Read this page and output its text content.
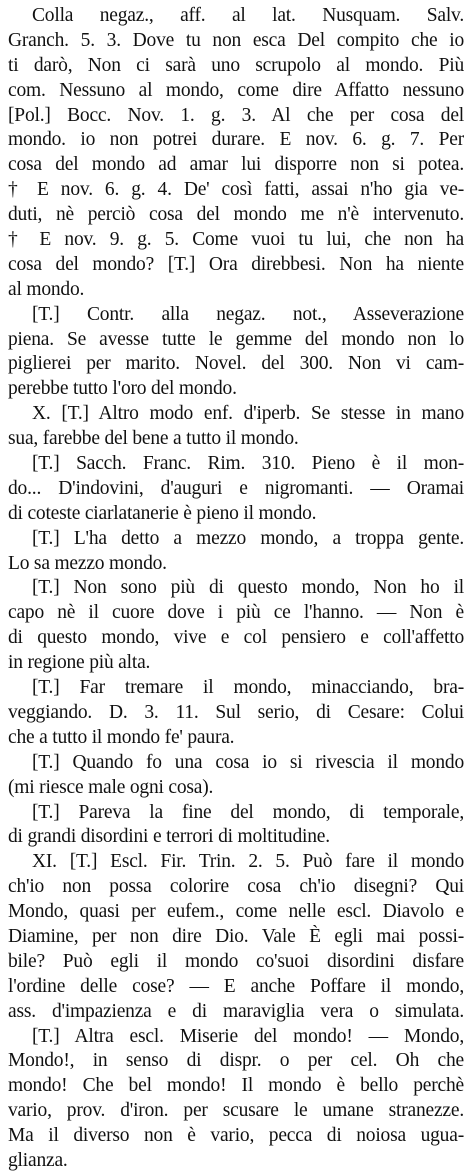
Colla negaz., aff. al lat. Nusquam. Salv.
Granch. 5. 3. Dove tu non esca Del compito che io
ti darò, Non ci sarà uno scrupolo al mondo. Più
com. Nessuno al mondo, come dire Affatto nessuno
[Pol.] Bocc. Nov. 1. g. 3. Al che per cosa del
mondo. io non potrei durare. E nov. 6. g. 7. Per
cosa del mondo ad amar lui disporre non si potea.
† E nov. 6. g. 4. De' così fatti, assai n'ho gia ve-
duti, nè perciò cosa del mondo me n'è intervenuto.
† E nov. 9. g. 5. Come vuoi tu lui, che non ha
cosa del mondo? [T.] Ora direbbesi. Non ha niente
al mondo.
[T.] Contr. alla negaz. not., Asseverazione
piena. Se avesse tutte le gemme del mondo non lo
piglierei per marito. Novel. del 300. Non vi cam-
perebbe tutto l'oro del mondo.
X. [T.] Altro modo enf. d'iperb. Se stesse in mano
sua, farebbe del bene a tutto il mondo.
[T.] Sacch. Franc. Rim. 310. Pieno è il mon-
do... D'indovini, d'auguri e nigromanti. — Oramai
di coteste ciarlatanerie è pieno il mondo.
[T.] L'ha detto a mezzo mondo, a troppa gente.
Lo sa mezzo mondo.
[T.] Non sono più di questo mondo, Non ho il
capo nè il cuore dove i più ce l'hanno. — Non è
di questo mondo, vive e col pensiero e coll'affetto
in regione più alta.
[T.] Far tremare il mondo, minacciando, bra-
veggiando. D. 3. 11. Sul serio, di Cesare: Colui
che a tutto il mondo fe' paura.
[T.] Quando fo una cosa io si rivescia il mondo
(mi riesce male ogni cosa).
[T.] Pareva la fine del mondo, di temporale,
di grandi disordini e terrori di moltitudine.
XI. [T.] Escl. Fir. Trin. 2. 5. Può fare il mondo
ch'io non possa colorire cosa ch'io disegni? Qui
Mondo, quasi per eufem., come nelle escl. Diavolo e
Diamine, per non dire Dio. Vale È egli mai possi-
bile? Può egli il mondo co'suoi disordini disfare
l'ordine delle cose? — E anche Poffare il mondo,
ass. d'impazienza e di maraviglia vera o simulata.
[T.] Altra escl. Miserie del mondo! — Mondo,
Mondo!, in senso di dispr. o per cel. Oh che
mondo! Che bel mondo! Il mondo è bello perchè
vario, prov. d'iron. per scusare le umane stranezze.
Ma il diverso non è vario, pecca di noiosa ugua-
glianza.
